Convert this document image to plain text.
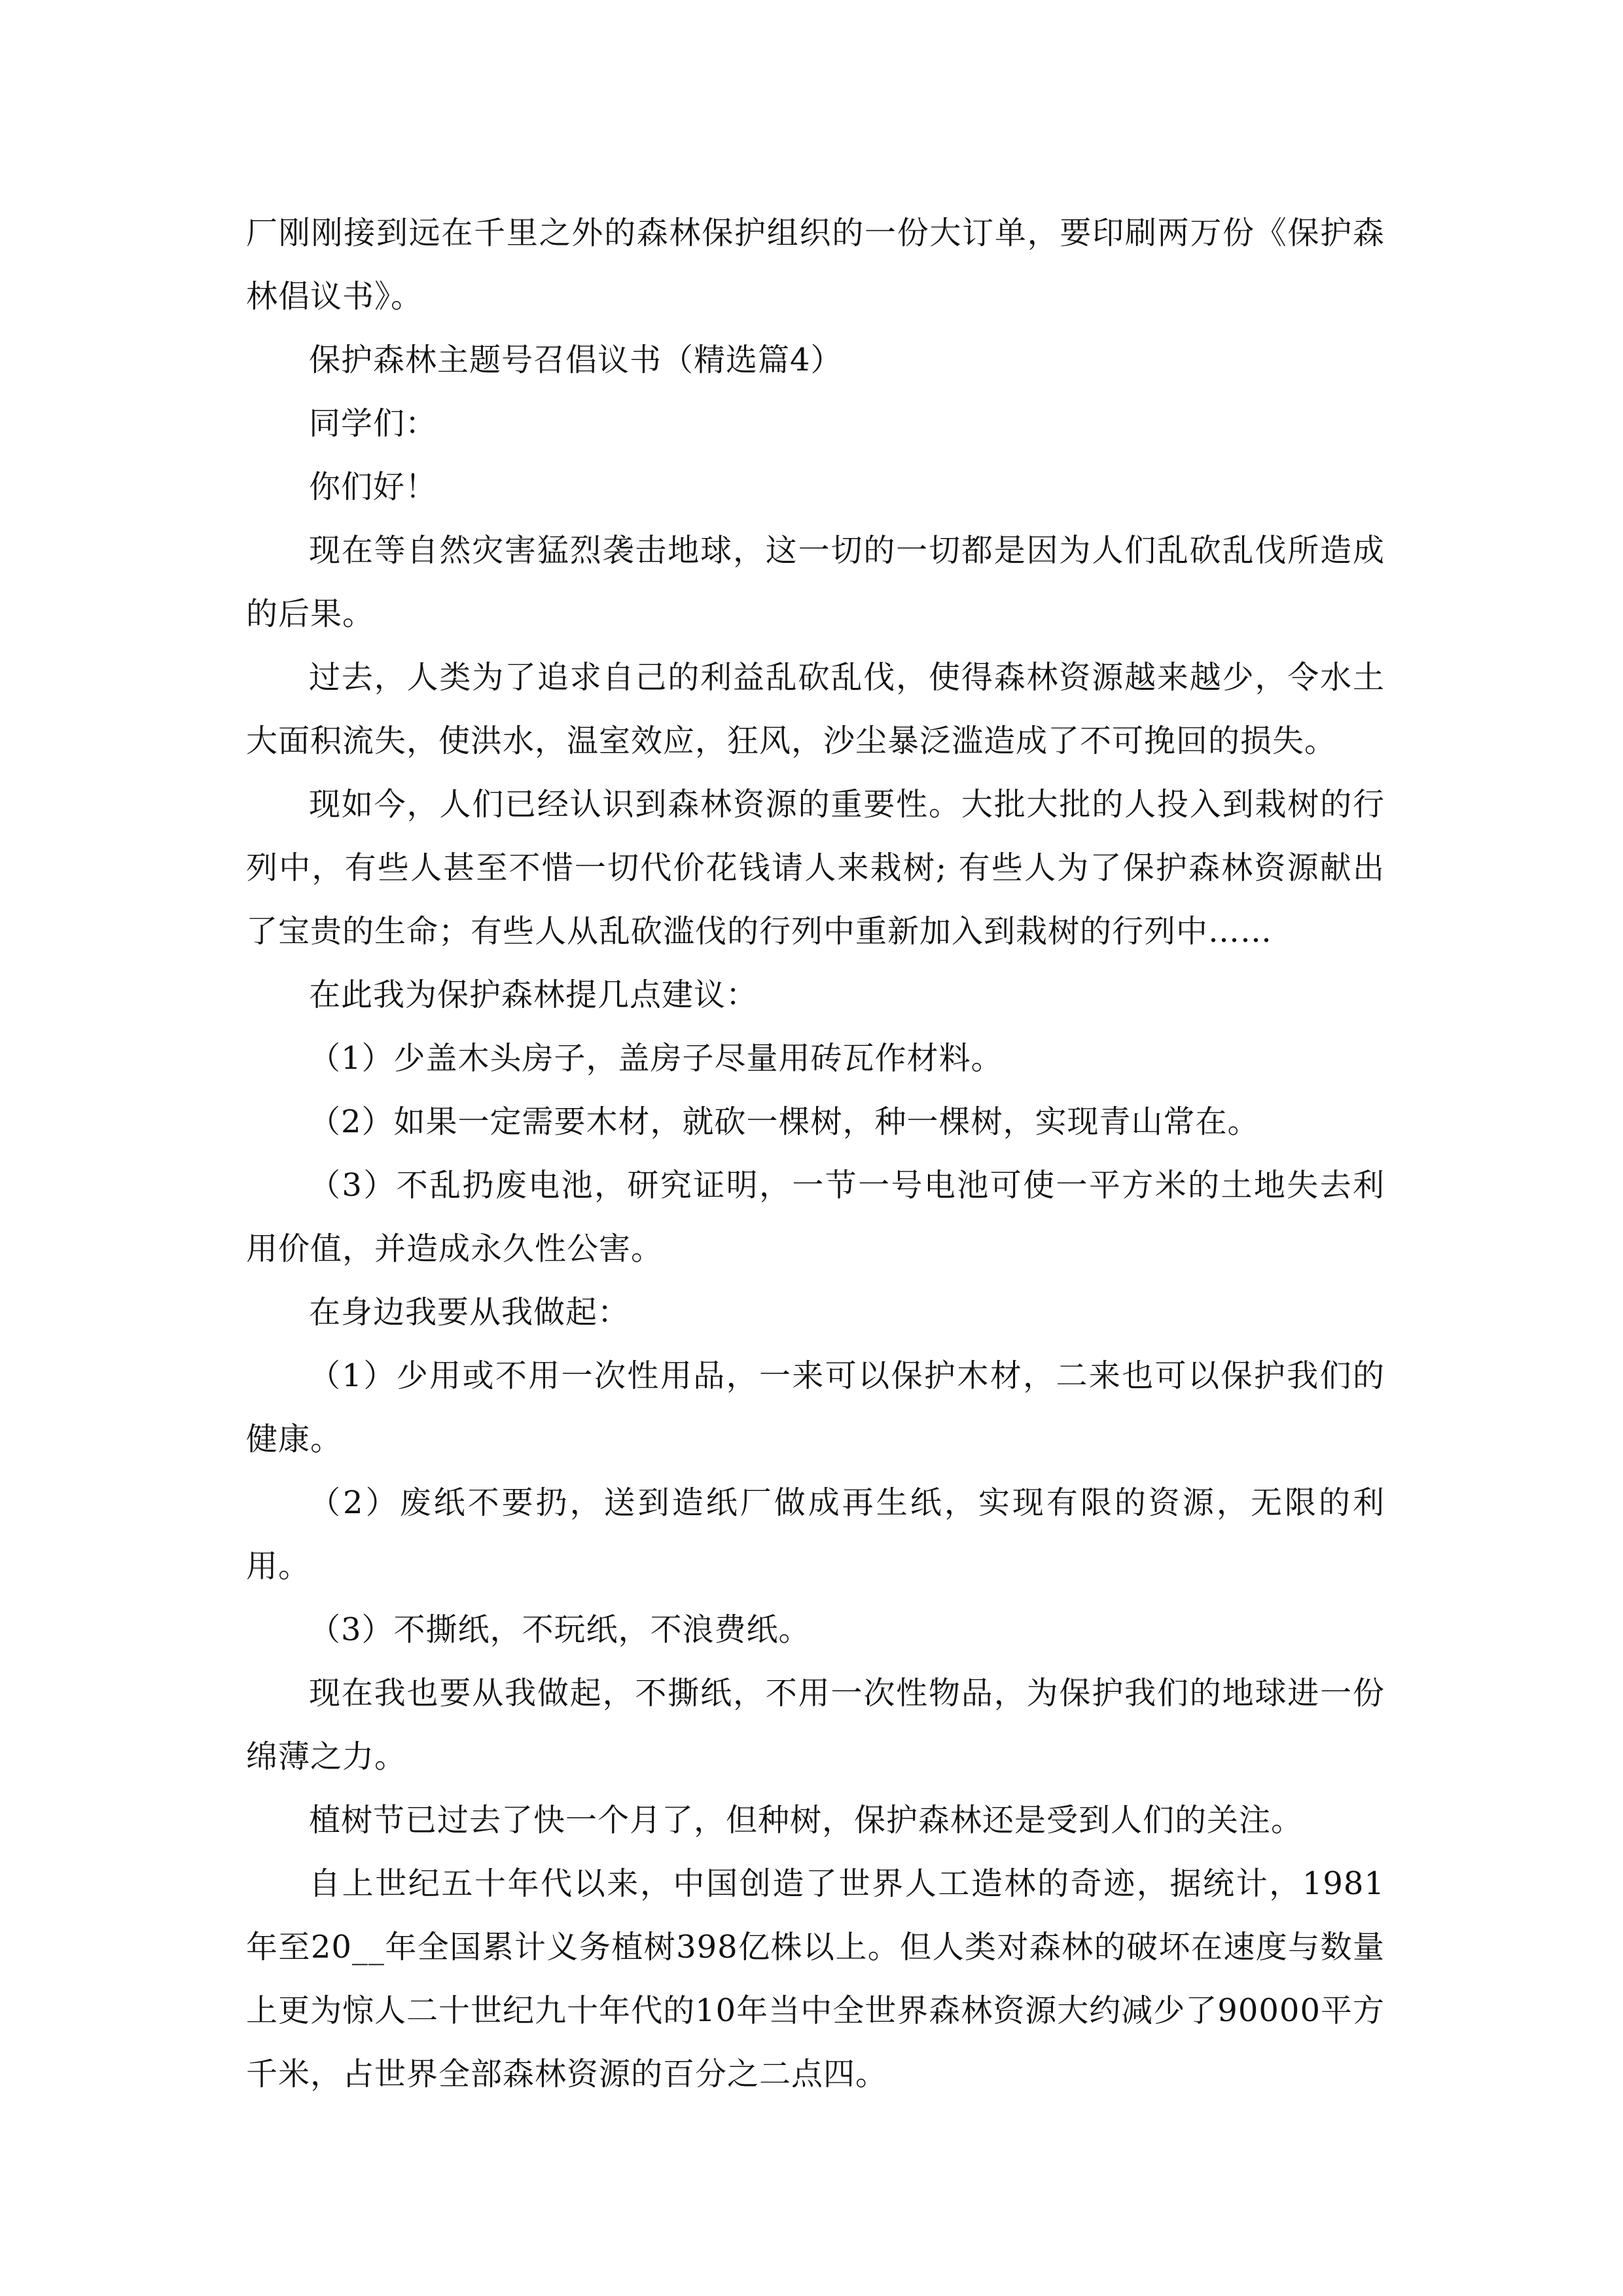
厂刚刚接到远在千里之外的森林保护组织的一份大订单，要印刷两万份《保护森林倡议书》。

保护森林主题号召倡议书（精选篇4）

同学们：

你们好！

现在等自然灾害猛烈袭击地球，这一切的一切都是因为人们乱砍乱伐所造成的后果。

过去，人类为了追求自己的利益乱砍乱伐，使得森林资源越来越少，令水土大面积流失，使洪水，温室效应，狂风，沙尘暴泛滥造成了不可挽回的损失。

现如今，人们已经认识到森林资源的重要性。大批大批的人投入到栽树的行列中，有些人甚至不惜一切代价花钱请人来栽树; 有些人为了保护森林资源献出了宝贵的生命；有些人从乱砍滥伐的行列中重新加入到栽树的行列中……

在此我为保护森林提几点建议：

（1）少盖木头房子，盖房子尽量用砖瓦作材料。

（2）如果一定需要木材，就砍一棵树，种一棵树，实现青山常在。

（3）不乱扔废电池，研究证明，一节一号电池可使一平方米的土地失去利用价值，并造成永久性公害。

在身边我要从我做起：

（1）少用或不用一次性用品，一来可以保护木材，二来也可以保护我们的健康。

（2）废纸不要扔，送到造纸厂做成再生纸，实现有限的资源，无限的利用。

（3）不撕纸，不玩纸，不浪费纸。

现在我也要从我做起，不撕纸，不用一次性物品，为保护我们的地球进一份绵薄之力。

植树节已过去了快一个月了，但种树，保护森林还是受到人们的关注。

自上世纪五十年代以来，中国创造了世界人工造林的奇迹，据统计，1981年至20__年全国累计义务植树398亿株以上。但人类对森林的破坏在速度与数量上更为惊人二十世纪九十年代的10年当中全世界森林资源大约减少了90000平方千米，占世界全部森林资源的百分之二点四。
